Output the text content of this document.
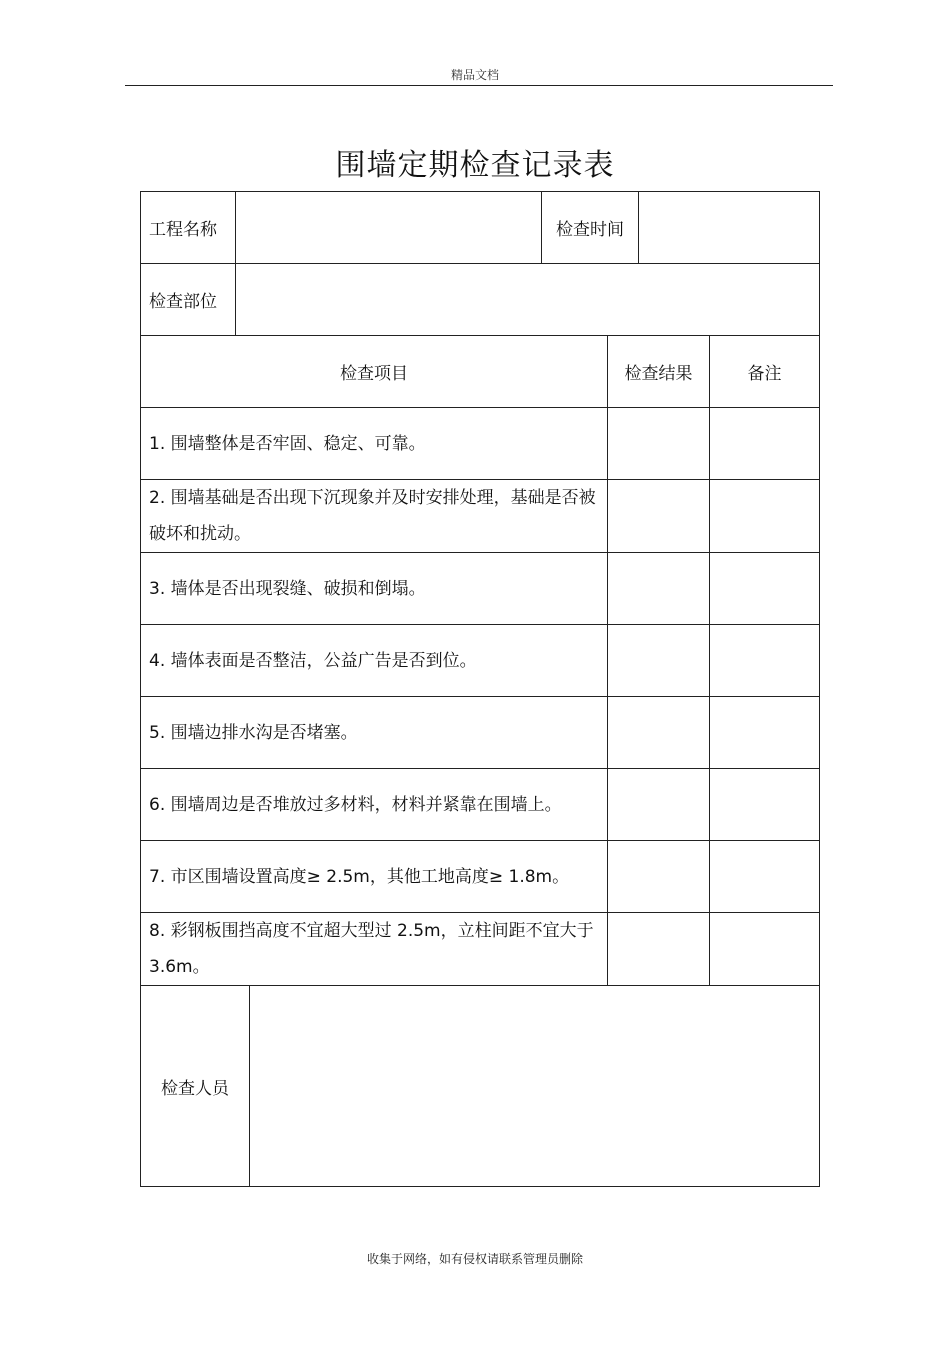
精品文档
围墙定期检查记录表
工程名称			检查时间			
检查部位						
检查项目				检查结果		备注
1. 围墙整体是否牢固、稳定、可靠。						
2. 围墙基础是否出现下沉现象并及时安排处理，基础是否被破坏和扰动。						
3. 墙体是否出现裂缝、破损和倒塌。						
4. 墙体表面是否整洁，公益广告是否到位。						
5. 围墙边排水沟是否堵塞。						
6. 围墙周边是否堆放过多材料，材料并紧靠在围墙上。						
7. 市区围墙设置高度≥ 2.5m，其他工地高度≥ 1.8m。						
8. 彩钢板围挡高度不宜超大型过 2.5m，立柱间距不宜大于 3.6m。						
检查人员						
收集于网络，如有侵权请联系管理员删除
